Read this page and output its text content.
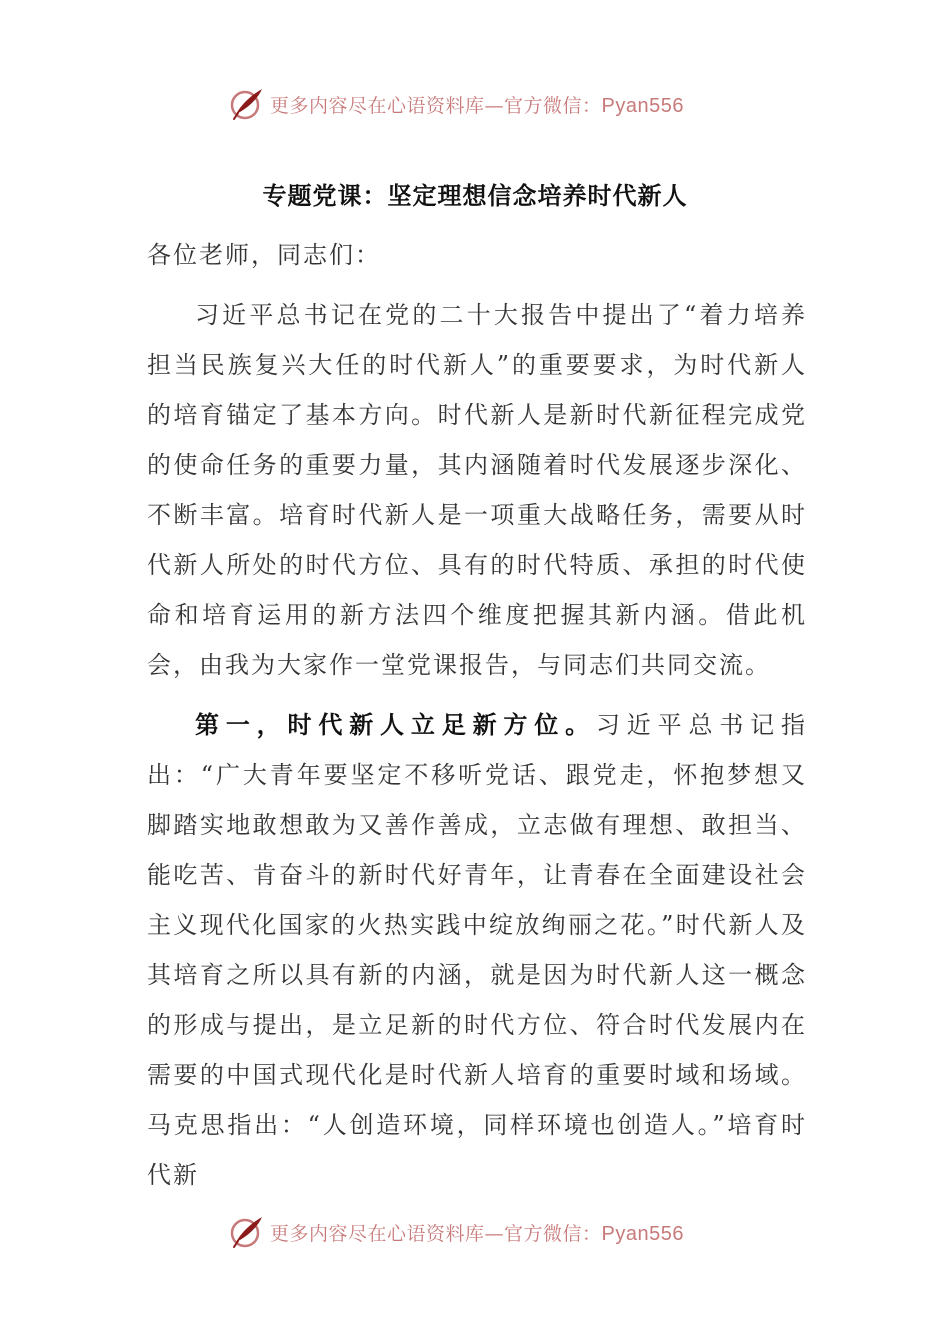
更多内容尽在心语资料库—官方微信：Pyan556
专题党课：坚定理想信念培养时代新人

各位老师，同志们：

习近平总书记在党的二十大报告中提出了“着力培养担当民族复兴大任的时代新人”的重要要求，为时代新人的培育锚定了基本方向。时代新人是新时代新征程完成党的使命任务的重要力量，其内涵随着时代发展逐步深化、不断丰富。培育时代新人是一项重大战略任务，需要从时代新人所处的时代方位、具有的时代特质、承担的时代使命和培育运用的新方法四个维度把握其新内涵。借此机会，由我为大家作一堂党课报告，与同志们共同交流。

第一，时代新人立足新方位。习近平总书记指出：“广大青年要坚定不移听党话、跟党走，怀抱梦想又脚踏实地敢想敢为又善作善成，立志做有理想、敢担当、能吃苦、肯奋斗的新时代好青年，让青春在全面建设社会主义现代化国家的火热实践中绽放绚丽之花。”时代新人及其培育之所以具有新的内涵，就是因为时代新人这一概念的形成与提出，是立足新的时代方位、符合时代发展内在需要的中国式现代化是时代新人培育的重要时域和场域。马克思指出：“人创造环境，同样环境也创造人。”培育时代新

更多内容尽在心语资料库—官方微信：Pyan556
